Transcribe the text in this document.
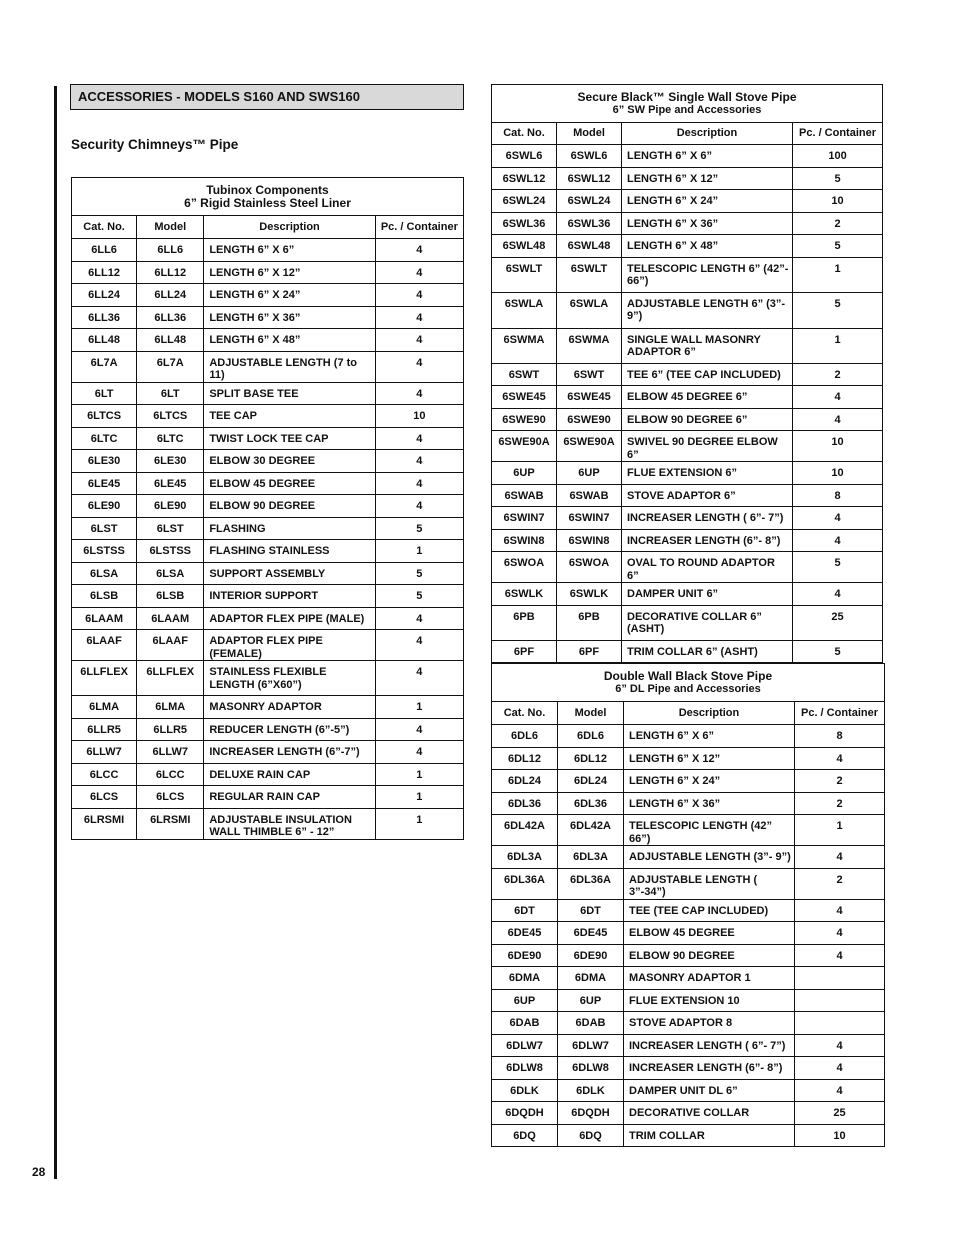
28
ACCESSORIES - MODELS S160 AND SWS160
Security Chimneys™ Pipe
Tubinox Components
6” Rigid Stainless Steel Liner			

Cat. No.	Model	Description	Pc. / Container
6LL6	6LL6	LENGTH 6” X 6”	4
6LL12	6LL12	LENGTH 6” X 12”	4
6LL24	6LL24	LENGTH 6” X 24”	4
6LL36	6LL36	LENGTH 6” X 36”	4
6LL48	6LL48	LENGTH 6” X 48”	4
6L7A	6L7A	ADJUSTABLE LENGTH (7 to 11)	4
6LT	6LT	SPLIT BASE TEE	4
6LTCS	6LTCS	TEE CAP	10
6LTC	6LTC	TWIST LOCK TEE CAP	4
6LE30	6LE30	ELBOW 30 DEGREE	4
6LE45	6LE45	ELBOW 45 DEGREE	4
6LE90	6LE90	ELBOW 90 DEGREE	4
6LST	6LST	FLASHING	5
6LSTSS	6LSTSS	FLASHING STAINLESS	1
6LSA	6LSA	SUPPORT ASSEMBLY	5
6LSB	6LSB	INTERIOR SUPPORT	5
6LAAM	6LAAM	ADAPTOR FLEX PIPE (MALE)	4
6LAAF	6LAAF	ADAPTOR FLEX PIPE (FEMALE)	4
6LLFLEX	6LLFLEX	STAINLESS FLEXIBLE LENGTH (6”X60”)	4
6LMA	6LMA	MASONRY ADAPTOR	1
6LLR5	6LLR5	REDUCER LENGTH (6”-5”)	4
6LLW7	6LLW7	INCREASER LENGTH (6”-7”)	4
6LCC	6LCC	DELUXE RAIN CAP	1
6LCS	6LCS	REGULAR RAIN CAP	1
6LRSMI	6LRSMI	ADJUSTABLE INSULATION WALL THIMBLE 6” - 12”	1
Secure Black™ Single Wall Stove Pipe
6” SW Pipe and Accessories			

Cat. No.	Model	Description	Pc. / Container
6SWL6	6SWL6	LENGTH 6” X 6”	100
6SWL12	6SWL12	LENGTH 6” X 12”	5
6SWL24	6SWL24	LENGTH 6” X 24”	10
6SWL36	6SWL36	LENGTH 6” X 36”	2
6SWL48	6SWL48	LENGTH 6” X 48”	5
6SWLT	6SWLT	TELESCOPIC LENGTH 6” (42”- 66”)	1
6SWLA	6SWLA	ADJUSTABLE LENGTH 6” (3”- 9”)	5
6SWMA	6SWMA	SINGLE WALL MASONRY ADAPTOR 6”	1
6SWT	6SWT	TEE 6” (TEE CAP INCLUDED)	2
6SWE45	6SWE45	ELBOW 45 DEGREE 6”	4
6SWE90	6SWE90	ELBOW 90 DEGREE 6”	4
6SWE90A	6SWE90A	SWIVEL 90 DEGREE ELBOW 6”	10
6UP	6UP	FLUE EXTENSION 6”	10
6SWAB	6SWAB	STOVE ADAPTOR 6”	8
6SWIN7	6SWIN7	INCREASER LENGTH ( 6”- 7”)	4
6SWIN8	6SWIN8	INCREASER LENGTH (6”- 8”)	4
6SWOA	6SWOA	OVAL TO ROUND ADAPTOR 6”	5
6SWLK	6SWLK	DAMPER UNIT 6”	4
6PB	6PB	DECORATIVE COLLAR 6” (ASHT)	25
6PF	6PF	TRIM COLLAR 6” (ASHT)	5
Double Wall Black Stove Pipe
6” DL Pipe and Accessories			

Cat. No.	Model	Description	Pc. / Container
6DL6	6DL6	LENGTH 6” X 6”	8
6DL12	6DL12	LENGTH 6” X 12”	4
6DL24	6DL24	LENGTH 6” X 24”	2
6DL36	6DL36	LENGTH 6” X 36”	2
6DL42A	6DL42A	TELESCOPIC LENGTH (42” 66”)	1
6DL3A	6DL3A	ADJUSTABLE LENGTH (3”- 9”)	4
6DL36A	6DL36A	ADJUSTABLE LENGTH ( 3”-34”)	2
6DT	6DT	TEE (TEE CAP INCLUDED)	4
6DE45	6DE45	ELBOW 45 DEGREE	4
6DE90	6DE90	ELBOW 90 DEGREE	4
6DMA	6DMA	MASONRY ADAPTOR 1	
6UP	6UP	FLUE EXTENSION 10	
6DAB	6DAB	STOVE ADAPTOR 8	
6DLW7	6DLW7	INCREASER LENGTH ( 6”- 7”)	4
6DLW8	6DLW8	INCREASER LENGTH (6”- 8”)	4
6DLK	6DLK	DAMPER UNIT DL 6”	4
6DQDH	6DQDH	DECORATIVE COLLAR	25
6DQ	6DQ	TRIM COLLAR	10
